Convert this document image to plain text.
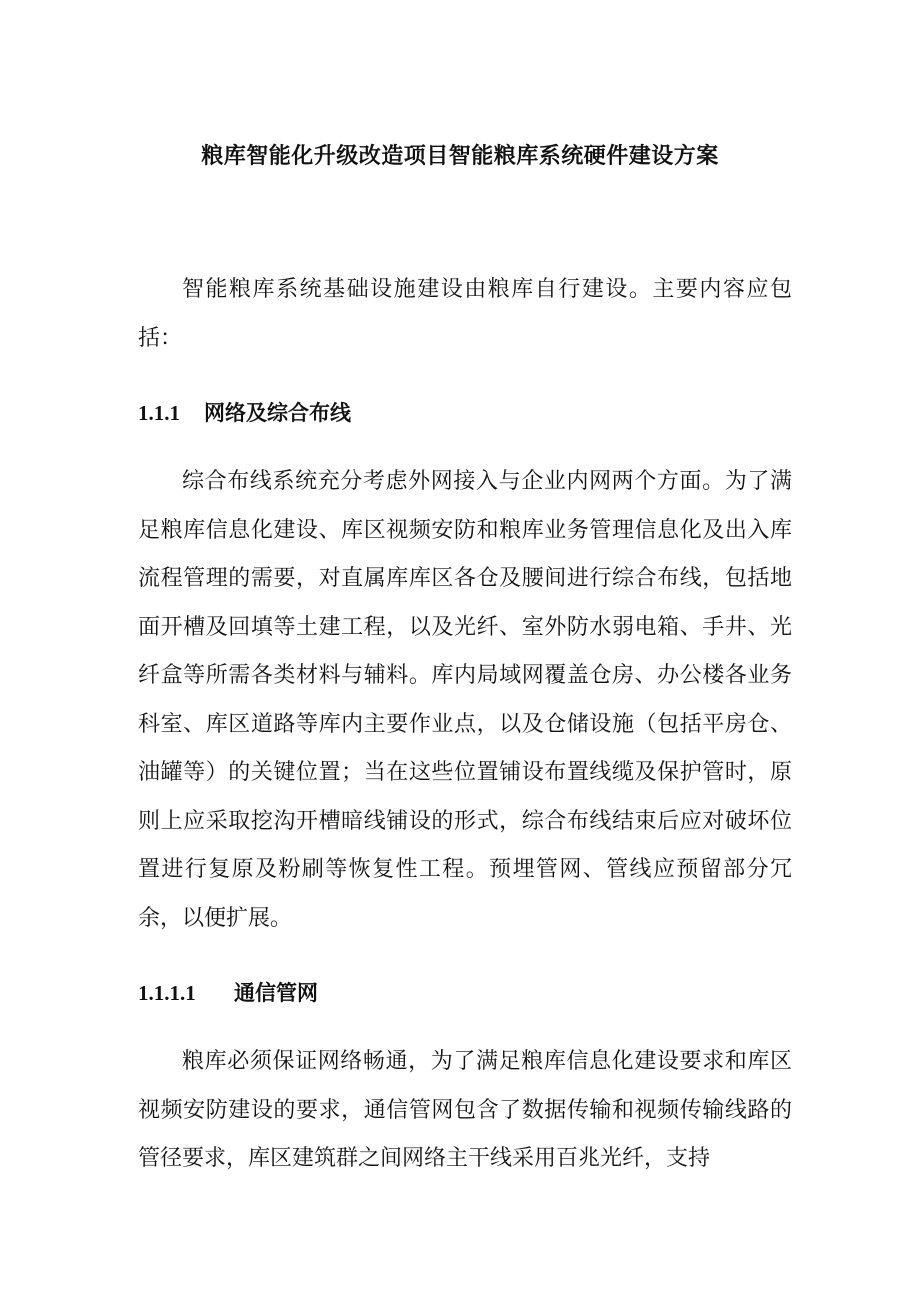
粮库智能化升级改造项目智能粮库系统硬件建设方案

智能粮库系统基础设施建设由粮库自行建设。主要内容应包括：

1.1.1	网络及综合布线

综合布线系统充分考虑外网接入与企业内网两个方面。为了满足粮库信息化建设、库区视频安防和粮库业务管理信息化及出入库流程管理的需要，对直属库库区各仓及腰间进行综合布线，包括地面开槽及回填等土建工程，以及光纤、室外防水弱电箱、手井、光纤盒等所需各类材料与辅料。库内局域网覆盖仓房、办公楼各业务科室、库区道路等库内主要作业点，以及仓储设施（包括平房仓、油罐等）的关键位置；当在这些位置铺设布置线缆及保护管时，原则上应采取挖沟开槽暗线铺设的形式，综合布线结束后应对破坏位置进行复原及粉刷等恢复性工程。预埋管网、管线应预留部分冗余，以便扩展。

1.1.1.1	通信管网

粮库必须保证网络畅通，为了满足粮库信息化建设要求和库区视频安防建设的要求，通信管网包含了数据传输和视频传输线路的管径要求，库区建筑群之间网络主干线采用百兆光纤，支持
